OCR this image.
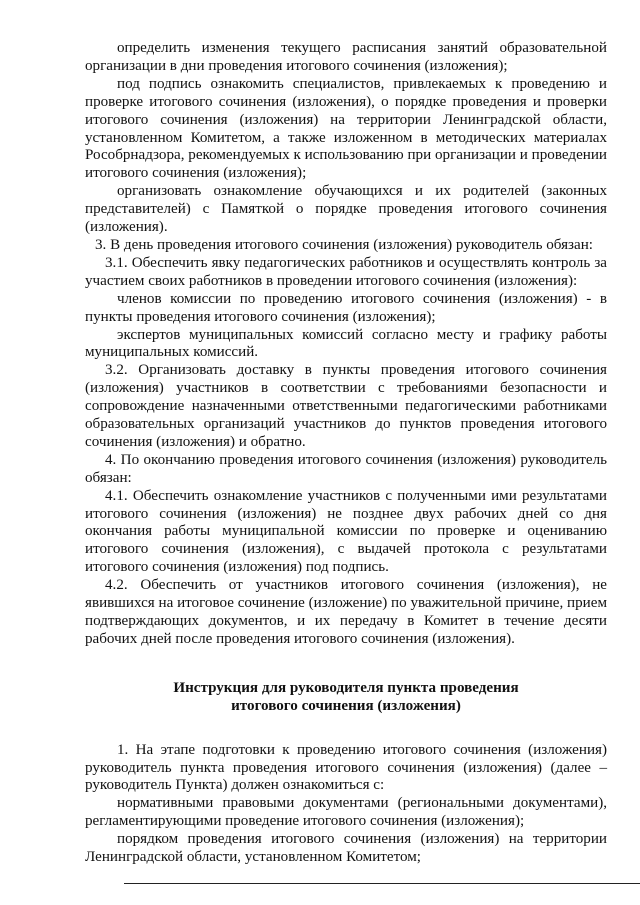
определить изменения текущего расписания занятий образовательной организации в дни проведения итогового сочинения (изложения);

под подпись ознакомить специалистов, привлекаемых к проведению и проверке итогового сочинения (изложения), о порядке проведения и проверки итогового сочинения (изложения) на территории Ленинградской области, установленном Комитетом, а также изложенном в методических материалах Рособрнадзора, рекомендуемых к использованию при организации и проведении итогового сочинения (изложения);

организовать ознакомление обучающихся и их родителей (законных представителей) с Памяткой о порядке проведения итогового сочинения (изложения).

3. В день проведения итогового сочинения (изложения) руководитель обязан:

3.1. Обеспечить явку педагогических работников и осуществлять контроль за участием своих работников в проведении итогового сочинения (изложения):

членов комиссии по проведению итогового сочинения (изложения) - в пункты проведения итогового сочинения (изложения);

экспертов муниципальных комиссий согласно месту и графику работы муниципальных комиссий.

3.2. Организовать доставку в пункты проведения итогового сочинения (изложения) участников в соответствии с требованиями безопасности и сопровождение назначенными ответственными педагогическими работниками образовательных организаций участников до пунктов проведения итогового сочинения (изложения) и обратно.

4. По окончанию проведения итогового сочинения (изложения) руководитель обязан:

4.1. Обеспечить ознакомление участников с полученными ими результатами итогового сочинения (изложения) не позднее двух рабочих дней со дня окончания работы муниципальной комиссии по проверке и оцениванию итогового сочинения (изложения), с выдачей протокола с результатами итогового сочинения (изложения) под подпись.

4.2. Обеспечить от участников итогового сочинения (изложения), не явившихся на итоговое сочинение (изложение) по уважительной причине, прием подтверждающих документов, и их передачу в Комитет в течение десяти рабочих дней после проведения итогового сочинения (изложения).

Инструкция для руководителя пункта проведения
итогового сочинения (изложения)

1. На этапе подготовки к проведению итогового сочинения (изложения) руководитель пункта проведения итогового сочинения (изложения) (далее – руководитель Пункта) должен ознакомиться с:

нормативными правовыми документами (региональными документами), регламентирующими проведение итогового сочинения (изложения);

порядком проведения итогового сочинения (изложения) на территории Ленинградской области, установленном Комитетом;
